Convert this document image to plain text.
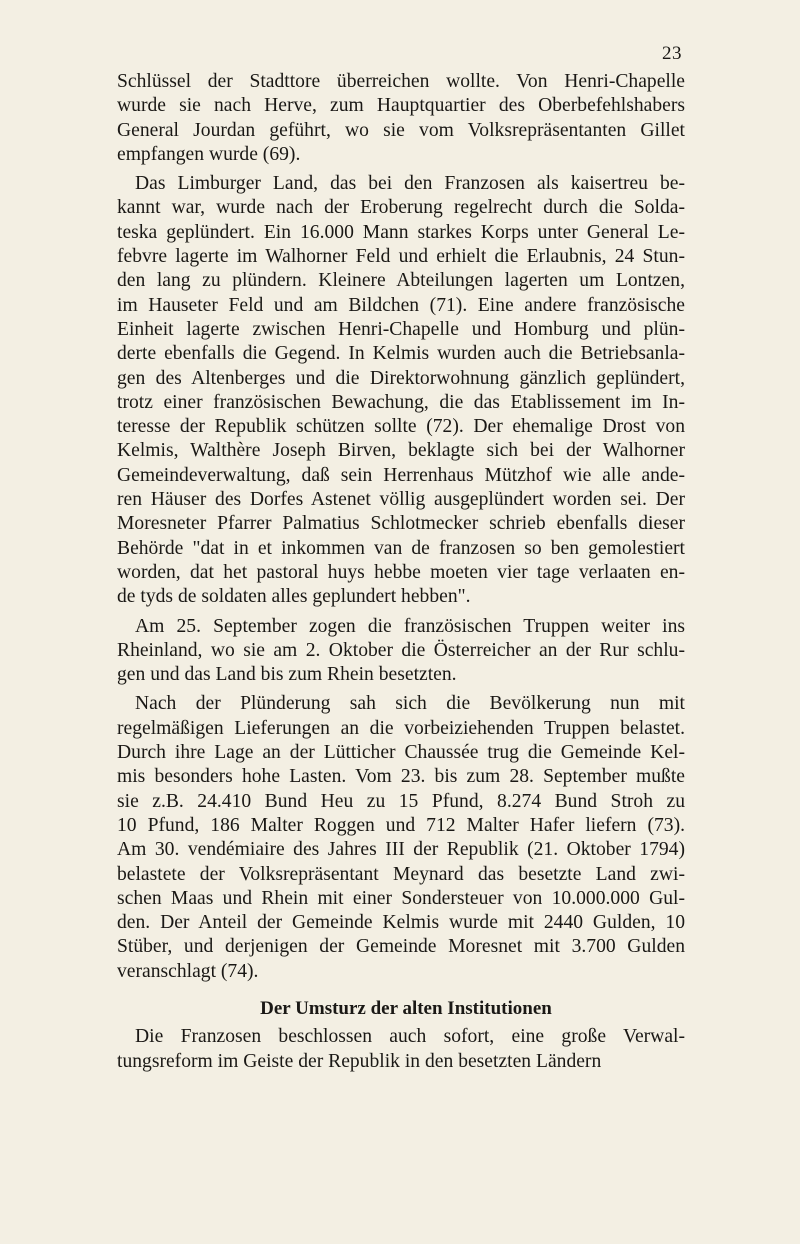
23
Schlüssel der Stadttore überreichen wollte. Von Henri-Chapelle
wurde sie nach Herve, zum Hauptquartier des Oberbefehlshabers
General Jourdan geführt, wo sie vom Volksrepräsentanten Gillet
empfangen wurde (69).
Das Limburger Land, das bei den Franzosen als kaisertreu be-
kannt war, wurde nach der Eroberung regelrecht durch die Solda-
teska geplündert. Ein 16.000 Mann starkes Korps unter General Le-
febvre lagerte im Walhorner Feld und erhielt die Erlaubnis, 24 Stun-
den lang zu plündern. Kleinere Abteilungen lagerten um Lontzen,
im Hauseter Feld und am Bildchen (71). Eine andere französische
Einheit lagerte zwischen Henri-Chapelle und Homburg und plün-
derte ebenfalls die Gegend. In Kelmis wurden auch die Betriebsanla-
gen des Altenberges und die Direktorwohnung gänzlich geplündert,
trotz einer französischen Bewachung, die das Etablissement im In-
teresse der Republik schützen sollte (72). Der ehemalige Drost von
Kelmis, Walthère Joseph Birven, beklagte sich bei der Walhorner
Gemeindeverwaltung, daß sein Herrenhaus Mützhof wie alle ande-
ren Häuser des Dorfes Astenet völlig ausgeplündert worden sei. Der
Moresneter Pfarrer Palmatius Schlotmecker schrieb ebenfalls dieser
Behörde "dat in et inkommen van de franzosen so ben gemolestiert
worden, dat het pastoral huys hebbe moeten vier tage verlaaten en-
de tyds de soldaten alles geplundert hebben".
Am 25. September zogen die französischen Truppen weiter ins
Rheinland, wo sie am 2. Oktober die Österreicher an der Rur schlu-
gen und das Land bis zum Rhein besetzten.
Nach der Plünderung sah sich die Bevölkerung nun mit
regelmäßigen Lieferungen an die vorbeiziehenden Truppen belastet.
Durch ihre Lage an der Lütticher Chaussée trug die Gemeinde Kel-
mis besonders hohe Lasten. Vom 23. bis zum 28. September mußte
sie z.B. 24.410 Bund Heu zu 15 Pfund, 8.274 Bund Stroh zu
10 Pfund, 186 Malter Roggen und 712 Malter Hafer liefern (73).
Am 30. vendémiaire des Jahres III der Republik (21. Oktober 1794)
belastete der Volksrepräsentant Meynard das besetzte Land zwi-
schen Maas und Rhein mit einer Sondersteuer von 10.000.000 Gul-
den. Der Anteil der Gemeinde Kelmis wurde mit 2440 Gulden, 10
Stüber, und derjenigen der Gemeinde Moresnet mit 3.700 Gulden
veranschlagt (74).
Der Umsturz der alten Institutionen
Die Franzosen beschlossen auch sofort, eine große Verwal-
tungsreform im Geiste der Republik in den besetzten Ländern
